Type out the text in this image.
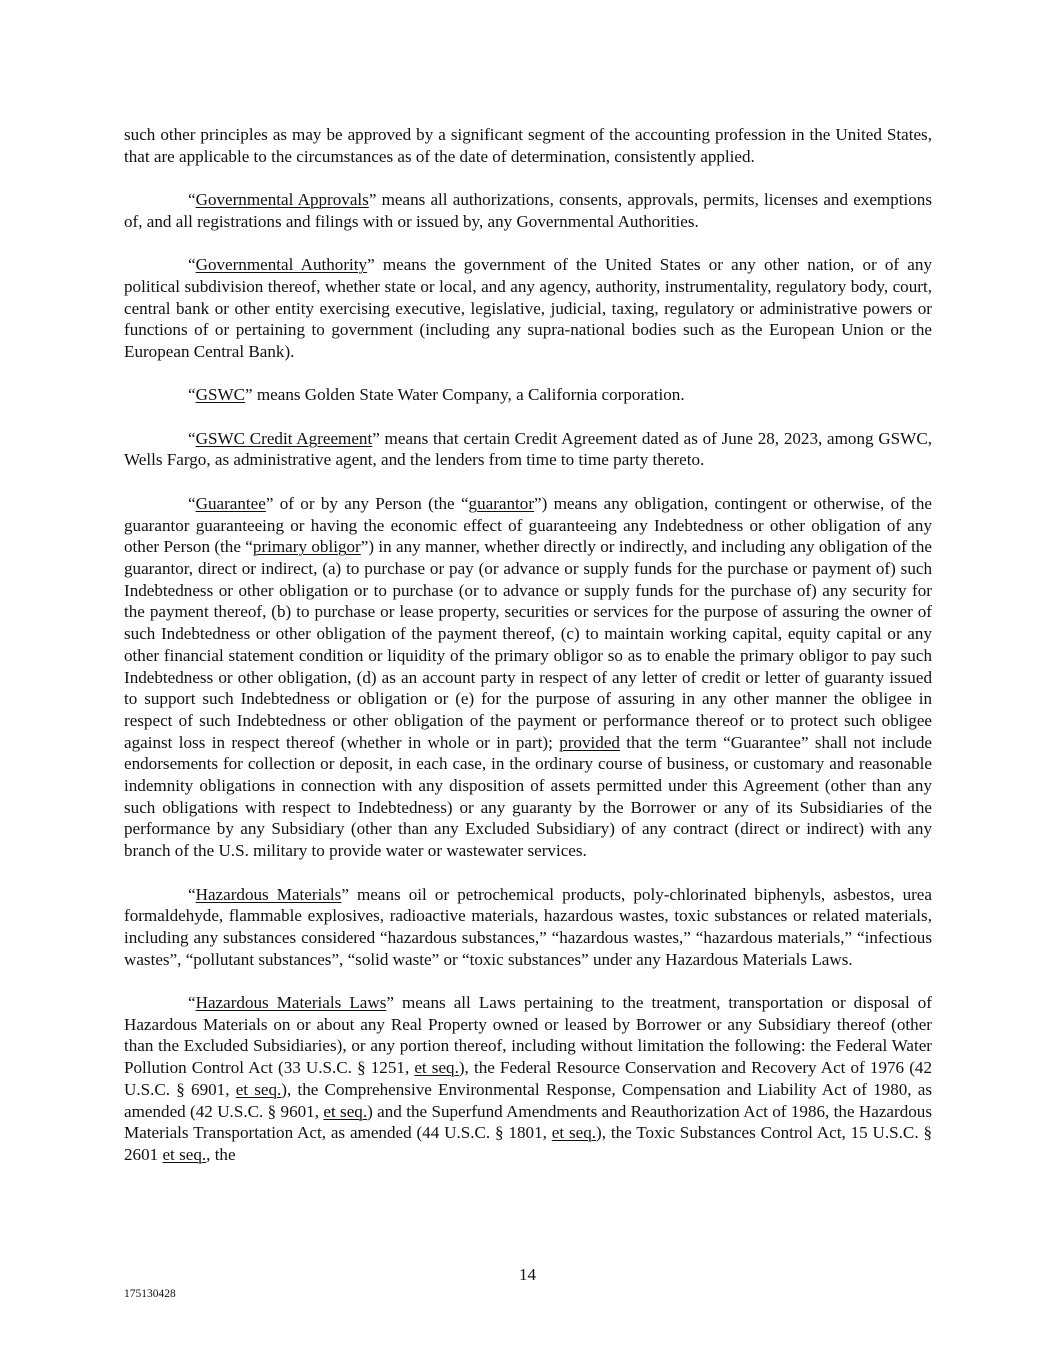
such other principles as may be approved by a significant segment of the accounting profession in the United States, that are applicable to the circumstances as of the date of determination, consistently applied.

“Governmental Approvals” means all authorizations, consents, approvals, permits, licenses and exemptions of, and all registrations and filings with or issued by, any Governmental Authorities.

“Governmental Authority” means the government of the United States or any other nation, or of any political subdivision thereof, whether state or local, and any agency, authority, instrumentality, regulatory body, court, central bank or other entity exercising executive, legislative, judicial, taxing, regulatory or administrative powers or functions of or pertaining to government (including any supra-national bodies such as the European Union or the European Central Bank).

“GSWC” means Golden State Water Company, a California corporation.

“GSWC Credit Agreement” means that certain Credit Agreement dated as of June 28, 2023, among GSWC, Wells Fargo, as administrative agent, and the lenders from time to time party thereto.

“Guarantee” of or by any Person (the “guarantor”) means any obligation, contingent or otherwise, of the guarantor guaranteeing or having the economic effect of guaranteeing any Indebtedness or other obligation of any other Person (the “primary obligor”) in any manner, whether directly or indirectly, and including any obligation of the guarantor, direct or indirect, (a) to purchase or pay (or advance or supply funds for the purchase or payment of) such Indebtedness or other obligation or to purchase (or to advance or supply funds for the purchase of) any security for the payment thereof, (b) to purchase or lease property, securities or services for the purpose of assuring the owner of such Indebtedness or other obligation of the payment thereof, (c) to maintain working capital, equity capital or any other financial statement condition or liquidity of the primary obligor so as to enable the primary obligor to pay such Indebtedness or other obligation, (d) as an account party in respect of any letter of credit or letter of guaranty issued to support such Indebtedness or obligation or (e) for the purpose of assuring in any other manner the obligee in respect of such Indebtedness or other obligation of the payment or performance thereof or to protect such obligee against loss in respect thereof (whether in whole or in part); provided that the term “Guarantee” shall not include endorsements for collection or deposit, in each case, in the ordinary course of business, or customary and reasonable indemnity obligations in connection with any disposition of assets permitted under this Agreement (other than any such obligations with respect to Indebtedness) or any guaranty by the Borrower or any of its Subsidiaries of the performance by any Subsidiary (other than any Excluded Subsidiary) of any contract (direct or indirect) with any branch of the U.S. military to provide water or wastewater services.

“Hazardous Materials” means oil or petrochemical products, poly-chlorinated biphenyls, asbestos, urea formaldehyde, flammable explosives, radioactive materials, hazardous wastes, toxic substances or related materials, including any substances considered “hazardous substances,” “hazardous wastes,” “hazardous materials,” “infectious wastes”, “pollutant substances”, “solid waste” or “toxic substances” under any Hazardous Materials Laws.

“Hazardous Materials Laws” means all Laws pertaining to the treatment, transportation or disposal of Hazardous Materials on or about any Real Property owned or leased by Borrower or any Subsidiary thereof (other than the Excluded Subsidiaries), or any portion thereof, including without limitation the following: the Federal Water Pollution Control Act (33 U.S.C. § 1251, et seq.), the Federal Resource Conservation and Recovery Act of 1976 (42 U.S.C. § 6901, et seq.), the Comprehensive Environmental Response, Compensation and Liability Act of 1980, as amended (42 U.S.C. § 9601, et seq.) and the Superfund Amendments and Reauthorization Act of 1986, the Hazardous Materials Transportation Act, as amended (44 U.S.C. § 1801, et seq.), the Toxic Substances Control Act, 15 U.S.C. § 2601 et seq., the

14
175130428
